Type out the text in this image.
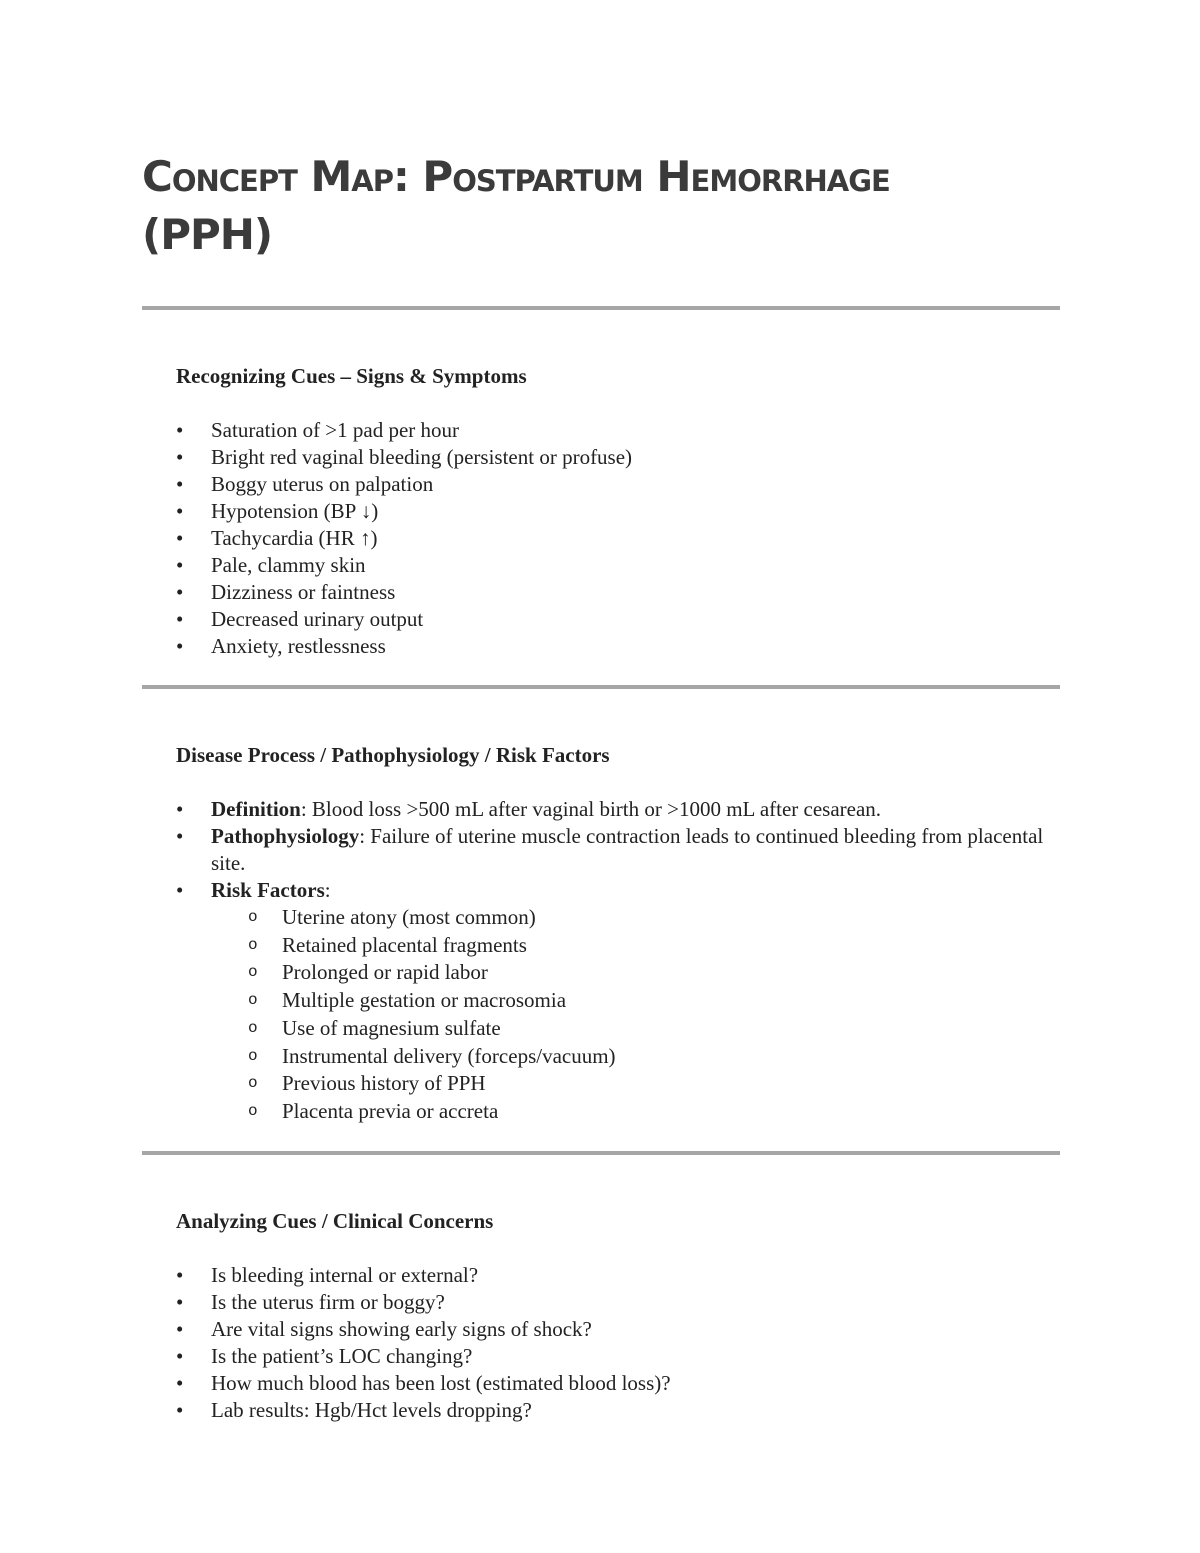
Concept Map: Postpartum Hemorrhage (PPH)
Recognizing Cues – Signs & Symptoms
• Saturation of >1 pad per hour
• Bright red vaginal bleeding (persistent or profuse)
• Boggy uterus on palpation
• Hypotension (BP ↓)
• Tachycardia (HR ↑)
• Pale, clammy skin
• Dizziness or faintness
• Decreased urinary output
• Anxiety, restlessness
Disease Process / Pathophysiology / Risk Factors
• Definition: Blood loss >500 mL after vaginal birth or >1000 mL after cesarean.
• Pathophysiology: Failure of uterine muscle contraction leads to continued bleeding from placental site.
• Risk Factors:
o Uterine atony (most common)
o Retained placental fragments
o Prolonged or rapid labor
o Multiple gestation or macrosomia
o Use of magnesium sulfate
o Instrumental delivery (forceps/vacuum)
o Previous history of PPH
o Placenta previa or accreta
Analyzing Cues / Clinical Concerns
• Is bleeding internal or external?
• Is the uterus firm or boggy?
• Are vital signs showing early signs of shock?
• Is the patient’s LOC changing?
• How much blood has been lost (estimated blood loss)?
• Lab results: Hgb/Hct levels dropping?
